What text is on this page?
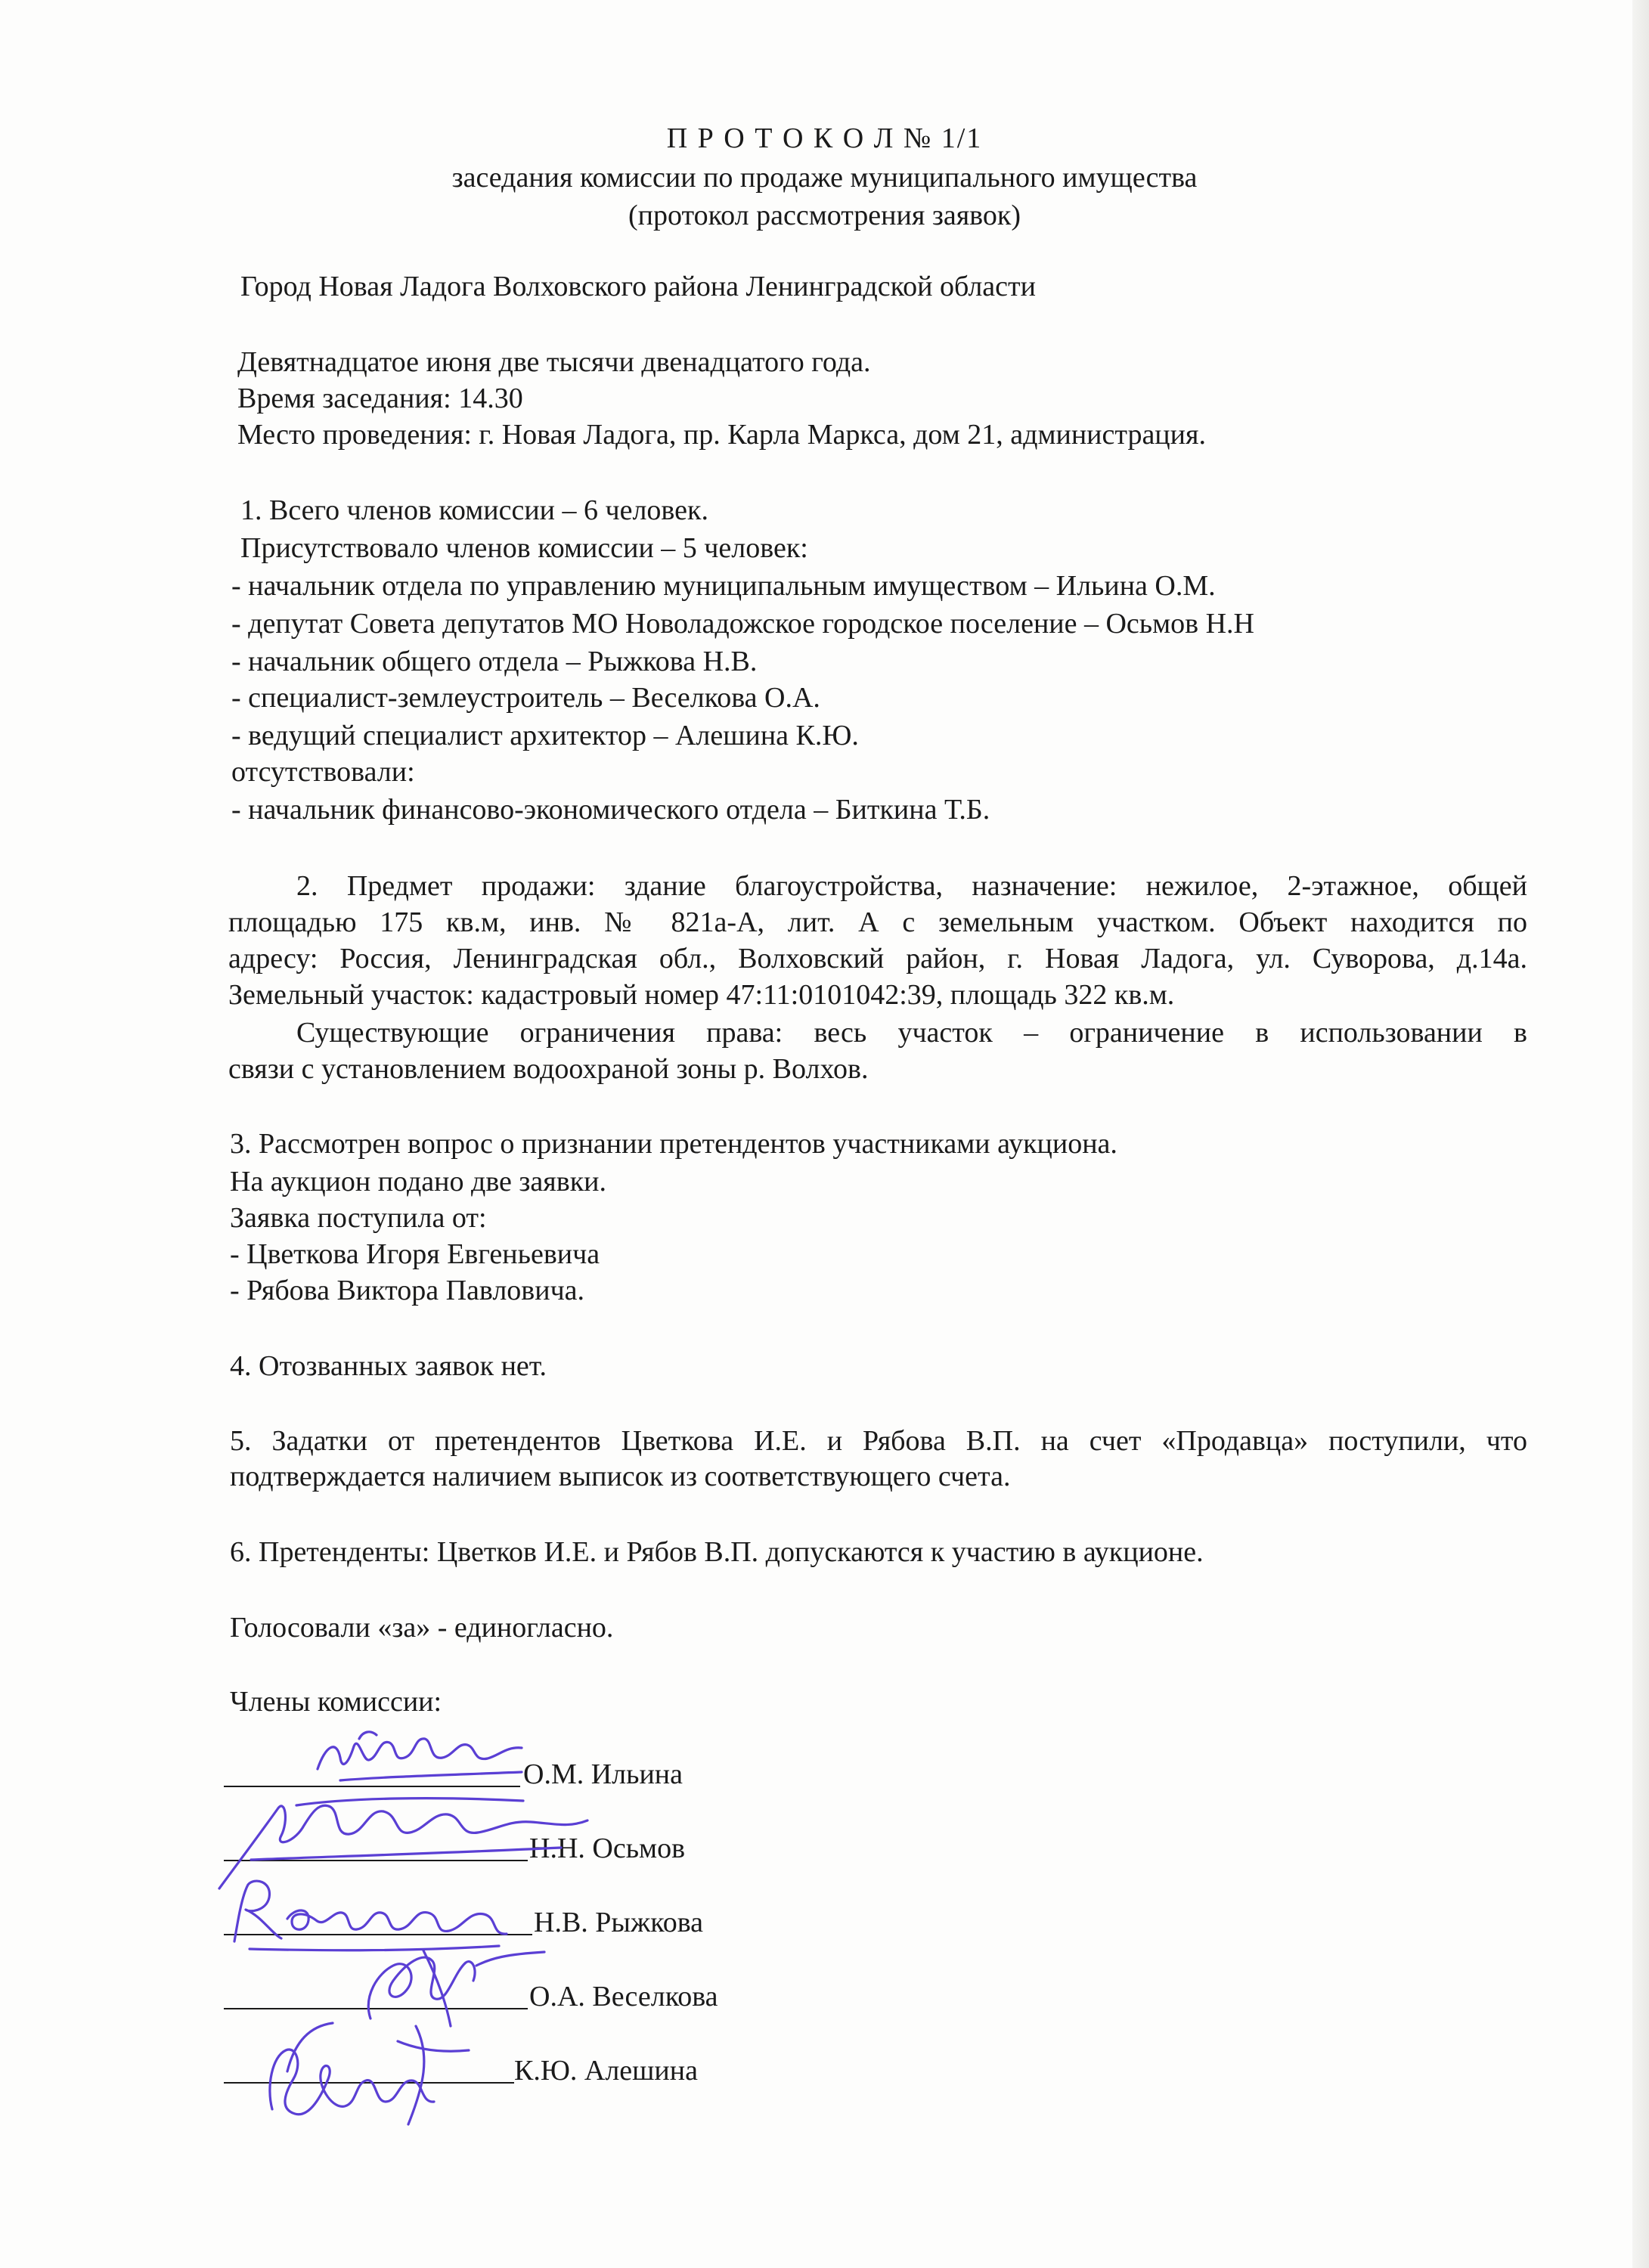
П Р О Т О К О Л № 1/1
заседания комиссии по продаже муниципального имущества
(протокол рассмотрения заявок)
Город Новая Ладога Волховского района Ленинградской области
Девятнадцатое июня две тысячи двенадцатого года.
Время заседания: 14.30
Место проведения: г. Новая Ладога, пр. Карла Маркса, дом 21, администрация.
1. Всего членов комиссии – 6 человек.
Присутствовало членов комиссии – 5 человек:
- начальник отдела по управлению муниципальным имуществом – Ильина О.М.
- депутат Совета депутатов МО Новоладожское городское поселение – Осьмов Н.Н
- начальник общего отдела – Рыжкова Н.В.
- специалист-землеустроитель – Веселкова О.А.
- ведущий специалист архитектор – Алешина К.Ю.
отсутствовали:
- начальник финансово-экономического отдела – Биткина Т.Б.
2. Предмет продажи: здание благоустройства, назначение: нежилое, 2-этажное, общей
площадью 175 кв.м, инв. № 821а-А, лит. А с земельным участком. Объект находится по
адресу: Россия, Ленинградская обл., Волховский район, г. Новая Ладога, ул. Суворова, д.14а.
Земельный участок: кадастровый номер 47:11:0101042:39, площадь 322 кв.м.
Существующие ограничения права: весь участок – ограничение в использовании в
связи с установлением водоохраной зоны р. Волхов.
3. Рассмотрен вопрос о признании претендентов участниками аукциона.
На аукцион подано две заявки.
Заявка поступила от:
- Цветкова Игоря Евгеньевича
- Рябова Виктора Павловича.
4. Отозванных заявок нет.
5. Задатки от претендентов Цветкова И.Е. и Рябова В.П. на счет «Продавца» поступили, что
подтверждается наличием выписок из соответствующего счета.
6. Претенденты: Цветков И.Е. и Рябов В.П. допускаются к участию в аукционе.
Голосовали «за» - единогласно.
Члены комиссии:
О.М. Ильина
Н.Н. Осьмов
Н.В. Рыжкова
О.А. Веселкова
К.Ю. Алешина
